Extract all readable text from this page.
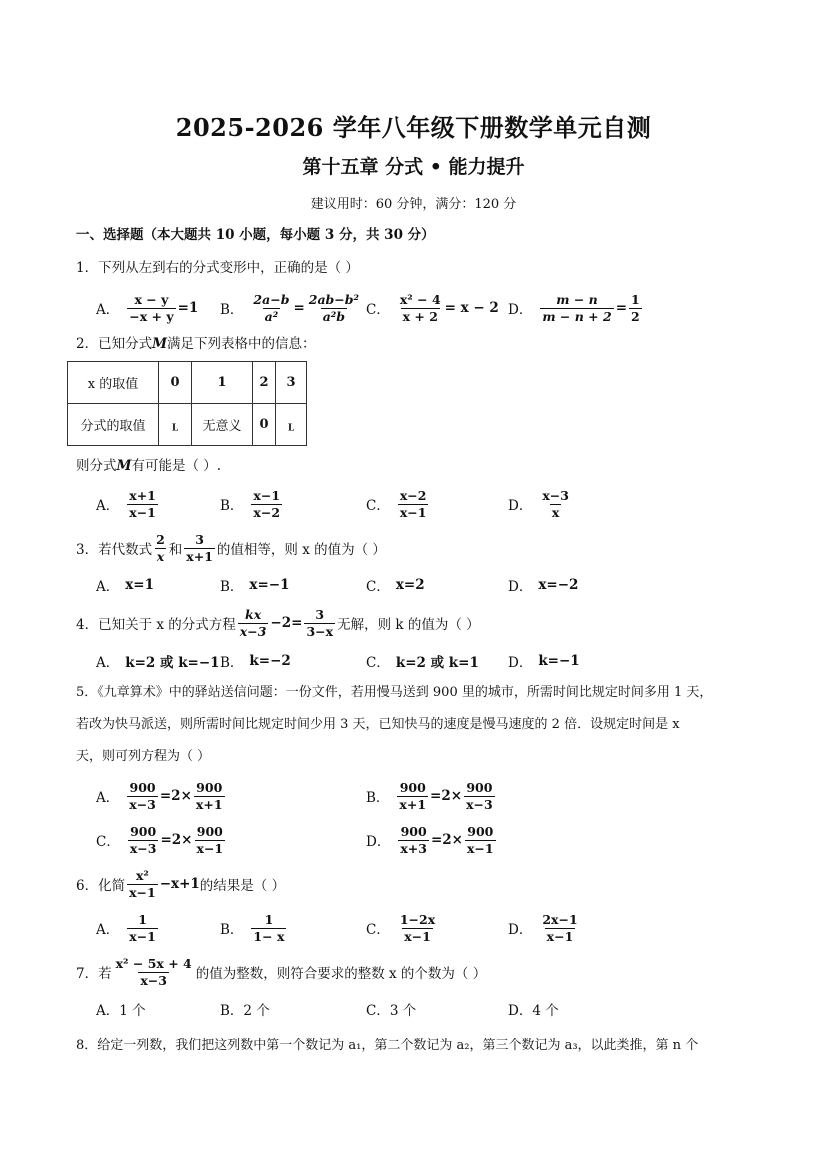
2025-2026 学年八年级下册数学单元自测
第十五章 分式 • 能力提升
建议用时：60 分钟，满分：120 分
一、选择题（本大题共 10 小题，每小题 3 分，共 30 分）
1．下列从左到右的分式变形中，正确的是（ ）
A． $\frac{x - y}{-x + y} =1$ B． $\frac{2a-b}{\text{a²}} = \frac{\text{2ab−b²}}{\text{a²b}}$ C． $\frac{\text{x² − 4}}{x + 2} = x - 2$ D． $\frac{m - n}{m - n + 2} = \frac{1}{2}$
2．已知分式M满足下列表格中的信息：
x 的取值	0	1	2	3
分式的取值	$_L$	无意义	0	$_L$
则分式M有可能是（ ）.
A． $\frac{x+1}{x-1}$	B． $\frac{x-1}{x-2}$	C． $\frac{x-2}{x-1}$	D． $\frac{x-3}{x}$
3．若代数式 $\frac{2}{x}$ 和 $\frac{3}{x+1}$ 的值相等，则 x 的值为（ ）
A． x=1	B． x=−1	C． x=2	D． x=−2
4．已知关于 x 的分式方程 $\frac{kx}{x-3} -2= \frac{3}{3-x}$ 无解，则 k 的值为（ ）
A． k=2 或 k=−1 B． k=−2	C． k=2 或 k=1 D． k=−1
5．《九章算术》中的驿站送信问题：一份文件，若用慢马送到 900 里的城市，所需时间比规定时间多用 1 天，
若改为快马派送，则所需时间比规定时间少用 3 天，已知快马的速度是慢马速度的 2 倍．设规定时间是 x
天，则可列方程为（ ）
A． $\frac{900}{x-3} =2\times \frac{900}{x+1}$	B． $\frac{900}{x+1} =2\times \frac{900}{x-3}$
C． $\frac{900}{x-3} =2\times \frac{900}{x-1}$	D． $\frac{900}{x+3} =2\times \frac{900}{x-1}$
6．化简 $\frac{\text{x²}}{x-1} -x+1$ 的结果是（ ）
A． $\frac{1}{x-1}$	B． $\frac{1}{1- x}$	C． $\frac{1-2x}{x-1}$	D． $\frac{2x-1}{x-1}$
7．若 $\frac{\text{x² − 5x + 4}}{x-3}$ 的值为整数，则符合要求的整数 x 的个数为（ ）
A．1 个	B．2 个	C．3 个	D．4 个
8．给定一列数，我们把这列数中第一个数记为 a₁，第二个数记为 a₂，第三个数记为 a₃，以此类推，第 n 个
